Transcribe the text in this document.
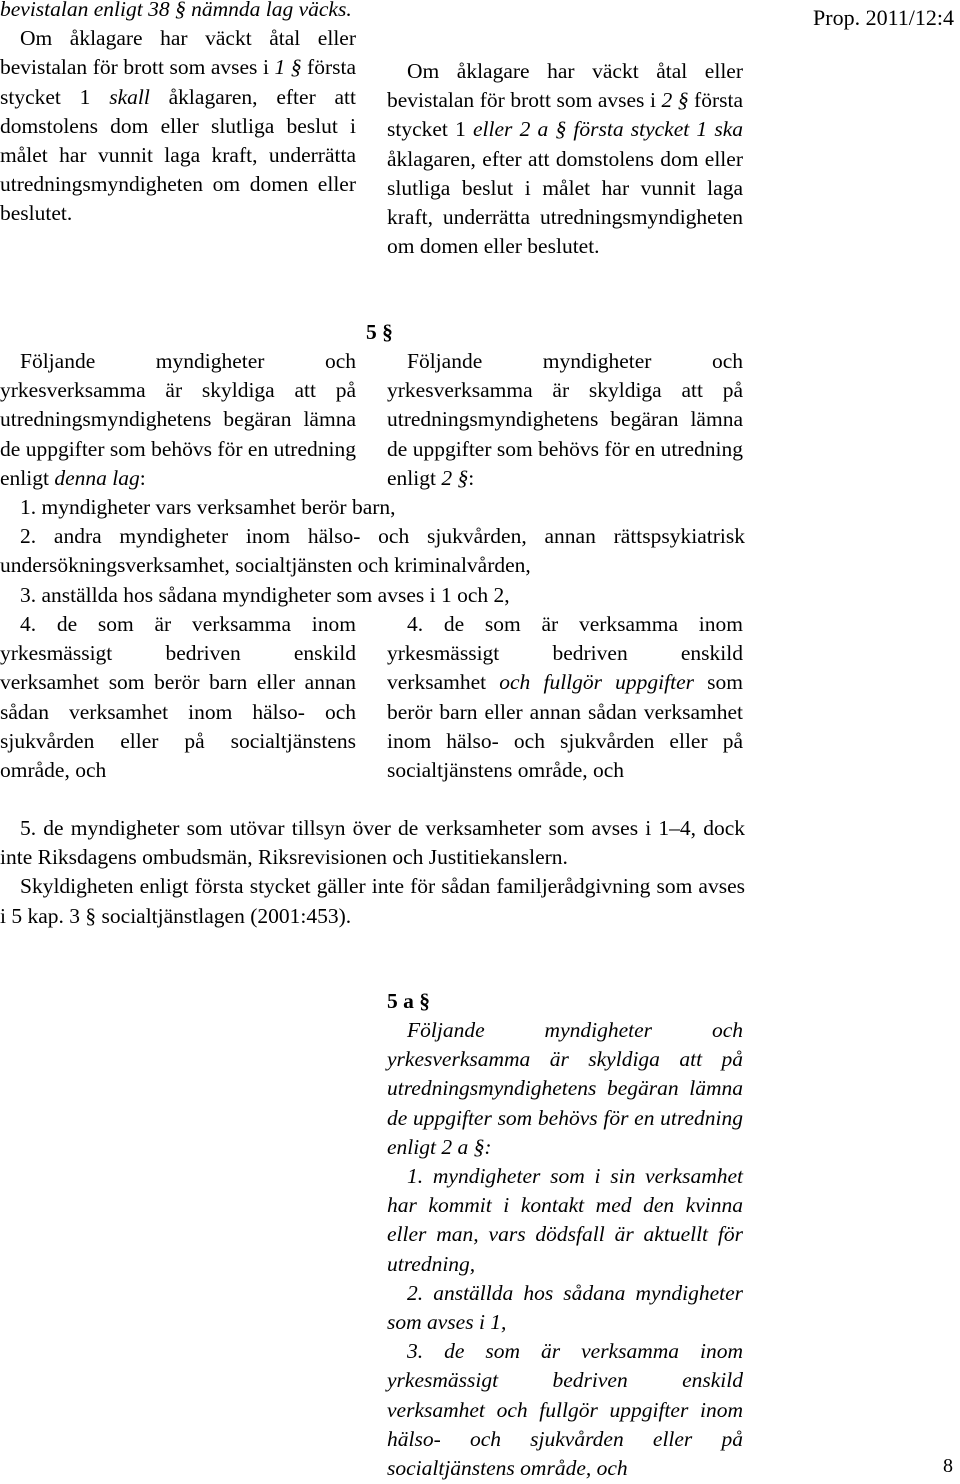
Prop. 2011/12:4

bevistalan enligt 38 § nämnda lag väcks.

Om åklagare har väckt åtal eller bevistalan för brott som avses i 1 § första stycket 1 skall åklagaren, efter att domstolens dom eller slutliga beslut i målet har vunnit laga kraft, underrätta utredningsmyndigheten om domen eller beslutet.

Om åklagare har väckt åtal eller bevistalan för brott som avses i 2 § första stycket 1 eller 2 a § första stycket 1 ska åklagaren, efter att domstolens dom eller slutliga beslut i målet har vunnit laga kraft, underrätta utredningsmyndigheten om domen eller beslutet.

5 §

Följande myndigheter och yrkesverksamma är skyldiga att på utredningsmyndighetens begäran lämna de uppgifter som behövs för en utredning enligt denna lag:

Följande myndigheter och yrkesverksamma är skyldiga att på utredningsmyndighetens begäran lämna de uppgifter som behövs för en utredning enligt 2 §:

1. myndigheter vars verksamhet berör barn,

2. andra myndigheter inom hälso- och sjukvården, annan rättspsykiatrisk undersökningsverksamhet, socialtjänsten och kriminalvården,

3. anställda hos sådana myndigheter som avses i 1 och 2,

4. de som är verksamma inom yrkesmässigt bedriven enskild verksamhet som berör barn eller annan sådan verksamhet inom hälso- och sjukvården eller på socialtjänstens område, och

4. de som är verksamma inom yrkesmässigt bedriven enskild verksamhet och fullgör uppgifter som berör barn eller annan sådan verksamhet inom hälso- och sjukvården eller på socialtjänstens område, och

5. de myndigheter som utövar tillsyn över de verksamheter som avses i 1–4, dock inte Riksdagens ombudsmän, Riksrevisionen och Justitiekanslern.

Skyldigheten enligt första stycket gäller inte för sådan familjerådgivning som avses i 5 kap. 3 § socialtjänstlagen (2001:453).

5 a §

Följande myndigheter och yrkesverksamma är skyldiga att på utredningsmyndighetens begäran lämna de uppgifter som behövs för en utredning enligt 2 a §:

1. myndigheter som i sin verksamhet har kommit i kontakt med den kvinna eller man, vars dödsfall är aktuellt för utredning,

2. anställda hos sådana myndigheter som avses i 1,

3. de som är verksamma inom yrkesmässigt bedriven enskild verksamhet och fullgör uppgifter inom hälso- och sjukvården eller på socialtjänstens område, och	8
